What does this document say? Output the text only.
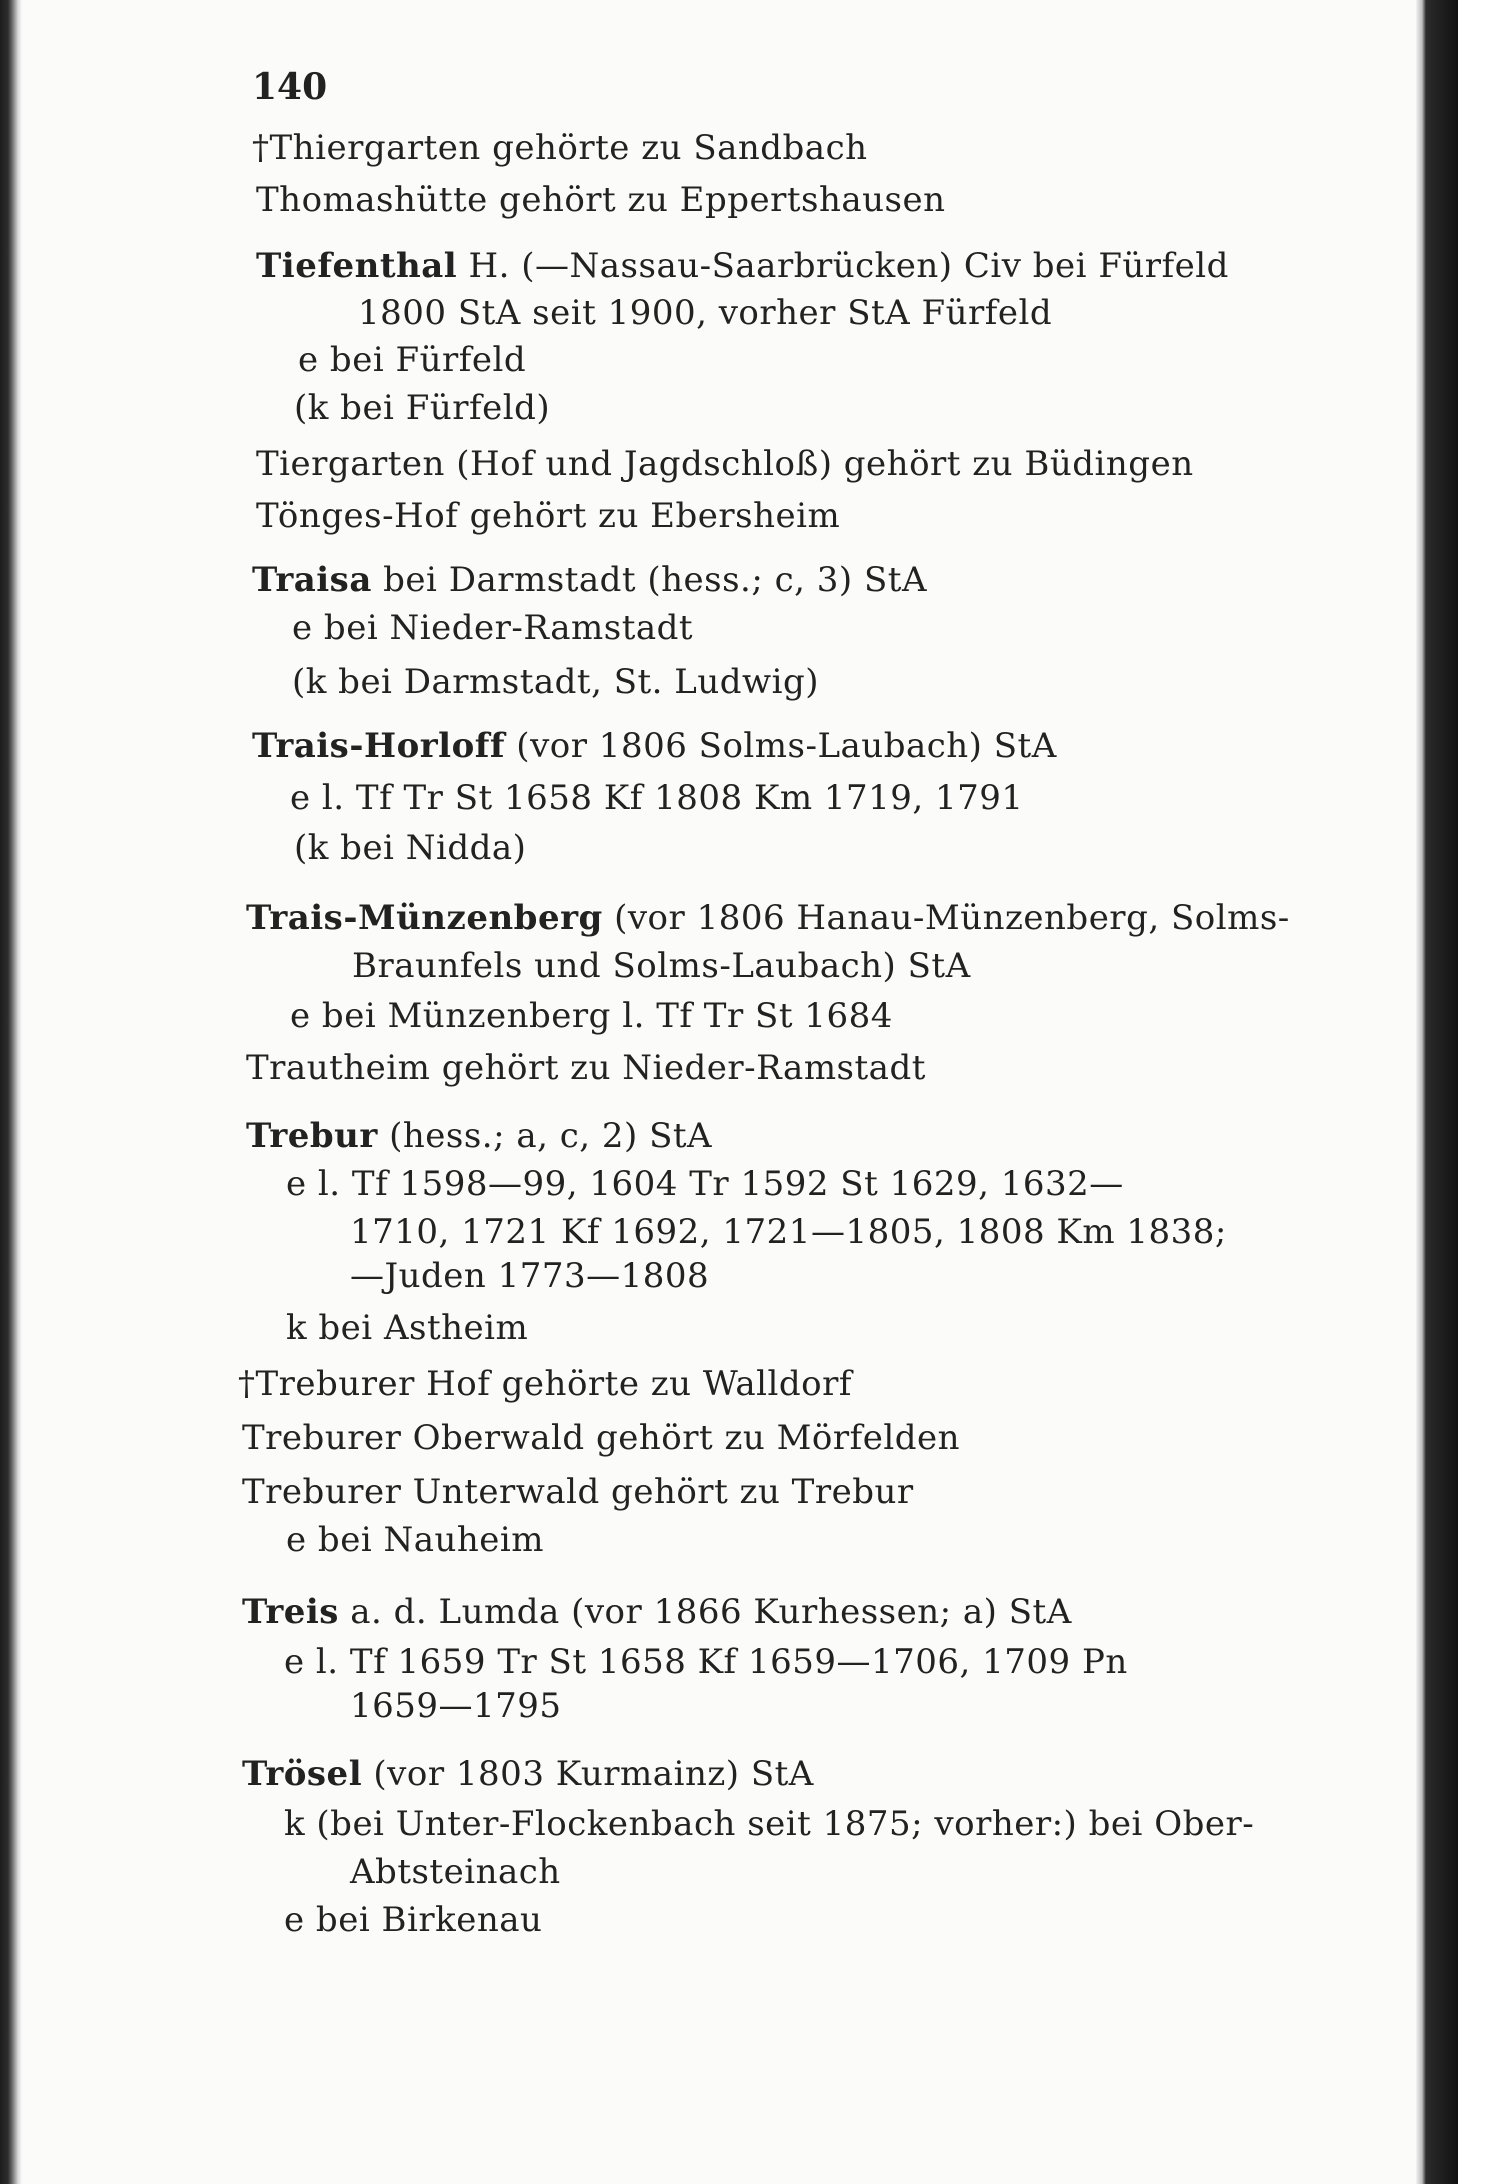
140
†Thiergarten gehörte zu Sandbach
Thomashütte gehört zu Eppertshausen
Tiefenthal H. (—Nassau-Saarbrücken) Civ bei Fürfeld
1800 StA seit 1900, vorher StA Fürfeld
e bei Fürfeld
(k bei Fürfeld)
Tiergarten (Hof und Jagdschloß) gehört zu Büdingen
Tönges-Hof gehört zu Ebersheim
Traisa bei Darmstadt (hess.; c, 3) StA
e bei Nieder-Ramstadt
(k bei Darmstadt, St. Ludwig)
Trais-Horloff (vor 1806 Solms-Laubach) StA
e l. Tf Tr St 1658 Kf 1808 Km 1719, 1791
(k bei Nidda)
Trais-Münzenberg (vor 1806 Hanau-Münzenberg, Solms-
Braunfels und Solms-Laubach) StA
e bei Münzenberg l. Tf Tr St 1684
Trautheim gehört zu Nieder-Ramstadt
Trebur (hess.; a, c, 2) StA
e l. Tf 1598—99, 1604 Tr 1592 St 1629, 1632—
1710, 1721 Kf 1692, 1721—1805, 1808 Km 1838;
—Juden 1773—1808
k bei Astheim
†Treburer Hof gehörte zu Walldorf
Treburer Oberwald gehört zu Mörfelden
Treburer Unterwald gehört zu Trebur
e bei Nauheim
Treis a. d. Lumda (vor 1866 Kurhessen; a) StA
e l. Tf 1659 Tr St 1658 Kf 1659—1706, 1709 Pn
1659—1795
Trösel (vor 1803 Kurmainz) StA
k (bei Unter-Flockenbach seit 1875; vorher:) bei Ober-
Abtsteinach
e bei Birkenau
